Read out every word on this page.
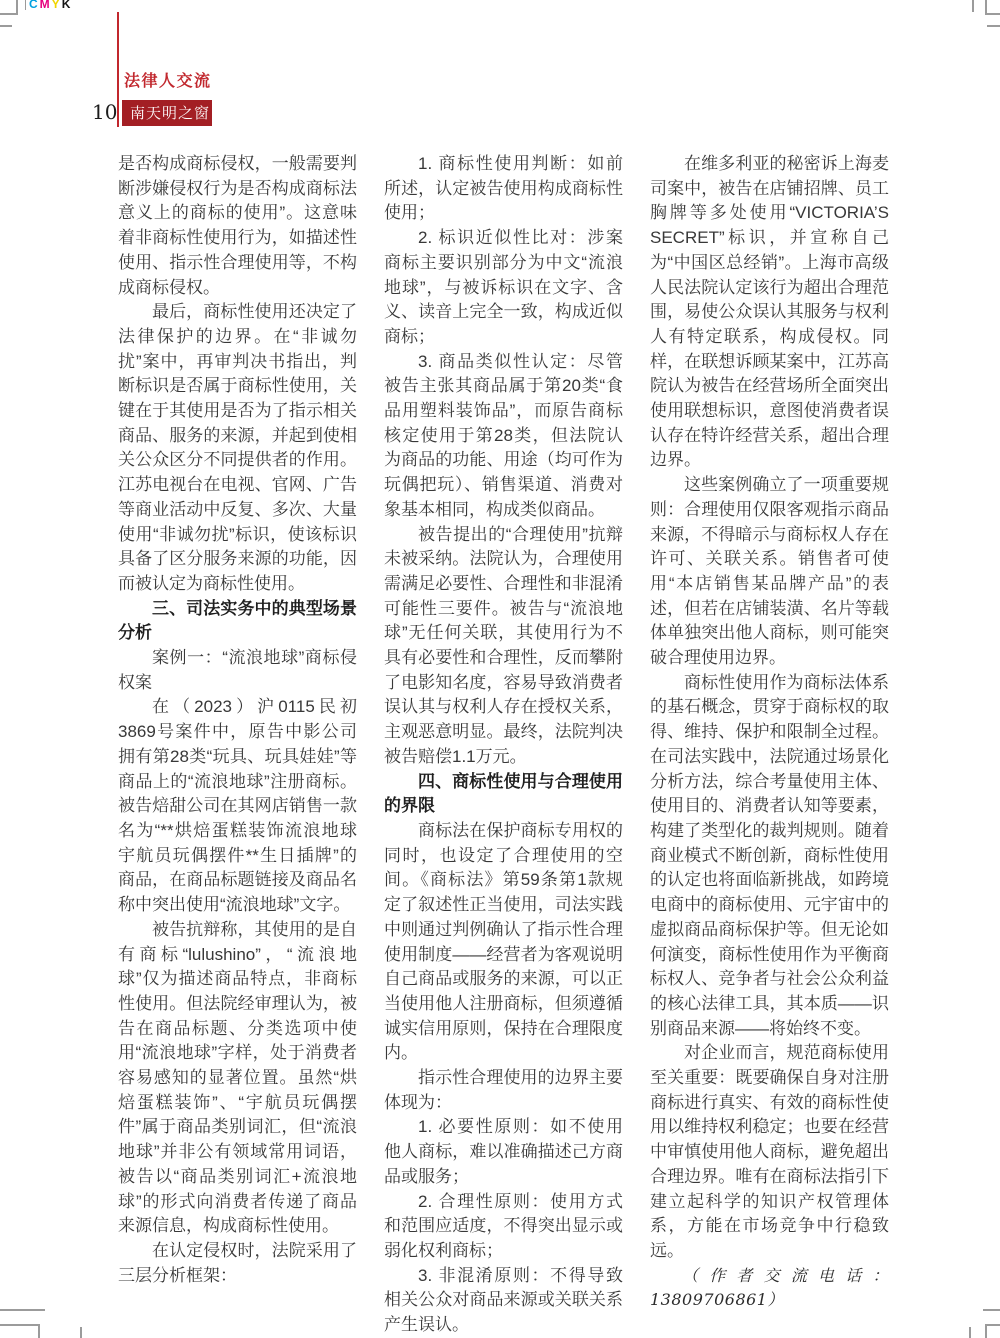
CMYK
10
法律人交流
南天明之窗

是否构成商标侵权，一般需要判断涉嫌侵权行为是否构成商标法意义上的商标的使用”。这意味着非商标性使用行为，如描述性使用、指示性合理使用等，不构成商标侵权。

最后，商标性使用还决定了法律保护的边界。在“非诚勿扰”案中，再审判决书指出，判断标识是否属于商标性使用，关键在于其使用是否为了指示相关商品、服务的来源，并起到使相关公众区分不同提供者的作用。江苏电视台在电视、官网、广告等商业活动中反复、多次、大量使用“非诚勿扰”标识，使该标识具备了区分服务来源的功能，因而被认定为商标性使用。

三、司法实务中的典型场景分析

案例一：“流浪地球”商标侵权案

在（2023）沪0115民初3869号案件中，原告中影公司拥有第28类“玩具、玩具娃娃”等商品上的“流浪地球”注册商标。被告焙甜公司在其网店销售一款名为“**烘焙蛋糕装饰流浪地球宇航员玩偶摆件**生日插牌”的商品，在商品标题链接及商品名称中突出使用“流浪地球”文字。

被告抗辩称，其使用的是自有商标“lulushino”，“流浪地球”仅为描述商品特点，非商标性使用。但法院经审理认为，被告在商品标题、分类选项中使用“流浪地球”字样，处于消费者容易感知的显著位置。虽然“烘焙蛋糕装饰”、“宇航员玩偶摆件”属于商品类别词汇，但“流浪地球”并非公有领域常用词语，被告以“商品类别词汇+流浪地球”的形式向消费者传递了商品来源信息，构成商标性使用。

在认定侵权时，法院采用了三层分析框架：

1. 商标性使用判断：如前所述，认定被告使用构成商标性使用；

2. 标识近似性比对：涉案商标主要识别部分为中文“流浪地球”，与被诉标识在文字、含义、读音上完全一致，构成近似商标；

3. 商品类似性认定：尽管被告主张其商品属于第20类“食品用塑料装饰品”，而原告商标核定使用于第28类，但法院认为商品的功能、用途（均可作为玩偶把玩）、销售渠道、消费对象基本相同，构成类似商品。

被告提出的“合理使用”抗辩未被采纳。法院认为，合理使用需满足必要性、合理性和非混淆可能性三要件。被告与“流浪地球”无任何关联，其使用行为不具有必要性和合理性，反而攀附了电影知名度，容易导致消费者误认其与权利人存在授权关系，主观恶意明显。最终，法院判决被告赔偿1.1万元。

四、商标性使用与合理使用的界限

商标法在保护商标专用权的同时，也设定了合理使用的空间。《商标法》第59条第1款规定了叙述性正当使用，司法实践中则通过判例确认了指示性合理使用制度——经营者为客观说明自己商品或服务的来源，可以正当使用他人注册商标，但须遵循诚实信用原则，保持在合理限度内。

指示性合理使用的边界主要体现为：

1. 必要性原则：如不使用他人商标，难以准确描述己方商品或服务；

2. 合理性原则：使用方式和范围应适度，不得突出显示或弱化权利商标；

3. 非混淆原则：不得导致相关公众对商品来源或关联关系产生误认。

在维多利亚的秘密诉上海麦司案中，被告在店铺招牌、员工胸牌等多处使用“VICTORIA’S SECRET”标识，并宣称自己为“中国区总经销”。上海市高级人民法院认定该行为超出合理范围，易使公众误认其服务与权利人有特定联系，构成侵权。同样，在联想诉顾某案中，江苏高院认为被告在经营场所全面突出使用联想标识，意图使消费者误认存在特许经营关系，超出合理边界。

这些案例确立了一项重要规则：合理使用仅限客观指示商品来源，不得暗示与商标权人存在许可、关联关系。销售者可使用“本店销售某品牌产品”的表述，但若在店铺装潢、名片等载体单独突出他人商标，则可能突破合理使用边界。

商标性使用作为商标法体系的基石概念，贯穿于商标权的取得、维持、保护和限制全过程。在司法实践中，法院通过场景化分析方法，综合考量使用主体、使用目的、消费者认知等要素，构建了类型化的裁判规则。随着商业模式不断创新，商标性使用的认定也将面临新挑战，如跨境电商中的商标使用、元宇宙中的虚拟商品商标保护等。但无论如何演变，商标性使用作为平衡商标权人、竞争者与社会公众利益的核心法律工具，其本质——识别商品来源——将始终不变。

对企业而言，规范商标使用至关重要：既要确保自身对注册商标进行真实、有效的商标性使用以维持权利稳定；也要在经营中审慎使用他人商标，避免超出合理边界。唯有在商标法指引下建立起科学的知识产权管理体系，方能在市场竞争中行稳致远。

（作者交流电话：13809706861）
